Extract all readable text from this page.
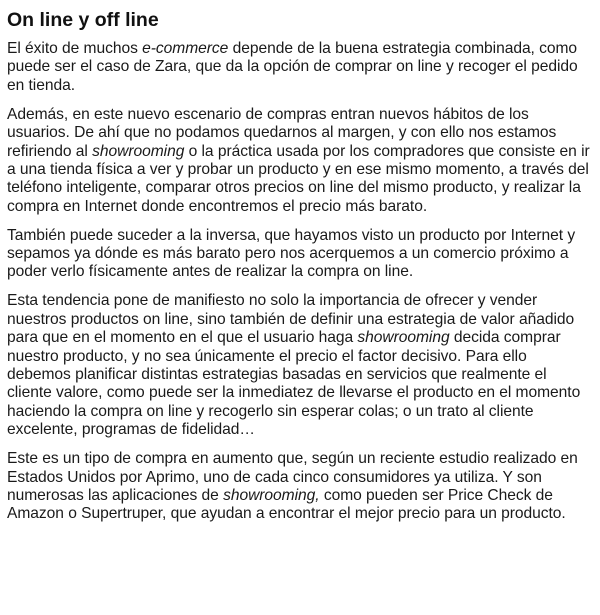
On line y off line

El éxito de muchos e-commerce depende de la buena estrategia combinada, como puede ser el caso de Zara, que da la opción de comprar on line y recoger el pedido en tienda.

Además, en este nuevo escenario de compras entran nuevos hábitos de los usuarios. De ahí que no podamos quedarnos al margen, y con ello nos estamos refiriendo al showrooming o la práctica usada por los compradores que consiste en ir a una tienda física a ver y probar un producto y en ese mismo momento, a través del teléfono inteligente, comparar otros precios on line del mismo producto, y realizar la compra en Internet donde encontremos el precio más barato.

También puede suceder a la inversa, que hayamos visto un producto por Internet y sepamos ya dónde es más barato pero nos acerquemos a un comercio próximo a poder verlo físicamente antes de realizar la compra on line.

Esta tendencia pone de manifiesto no solo la importancia de ofrecer y vender nuestros productos on line, sino también de definir una estrategia de valor añadido para que en el momento en el que el usuario haga showrooming decida comprar nuestro producto, y no sea únicamente el precio el factor decisivo. Para ello debemos planificar distintas estrategias basadas en servicios que realmente el cliente valore, como puede ser la inmediatez de llevarse el producto en el momento haciendo la compra on line y recogerlo sin esperar colas; o un trato al cliente excelente, programas de fidelidad…

Este es un tipo de compra en aumento que, según un reciente estudio realizado en Estados Unidos por Aprimo, uno de cada cinco consumidores ya utiliza. Y son numerosas las aplicaciones de showrooming, como pueden ser Price Check de Amazon o Supertruper, que ayudan a encontrar el mejor precio para un producto.
